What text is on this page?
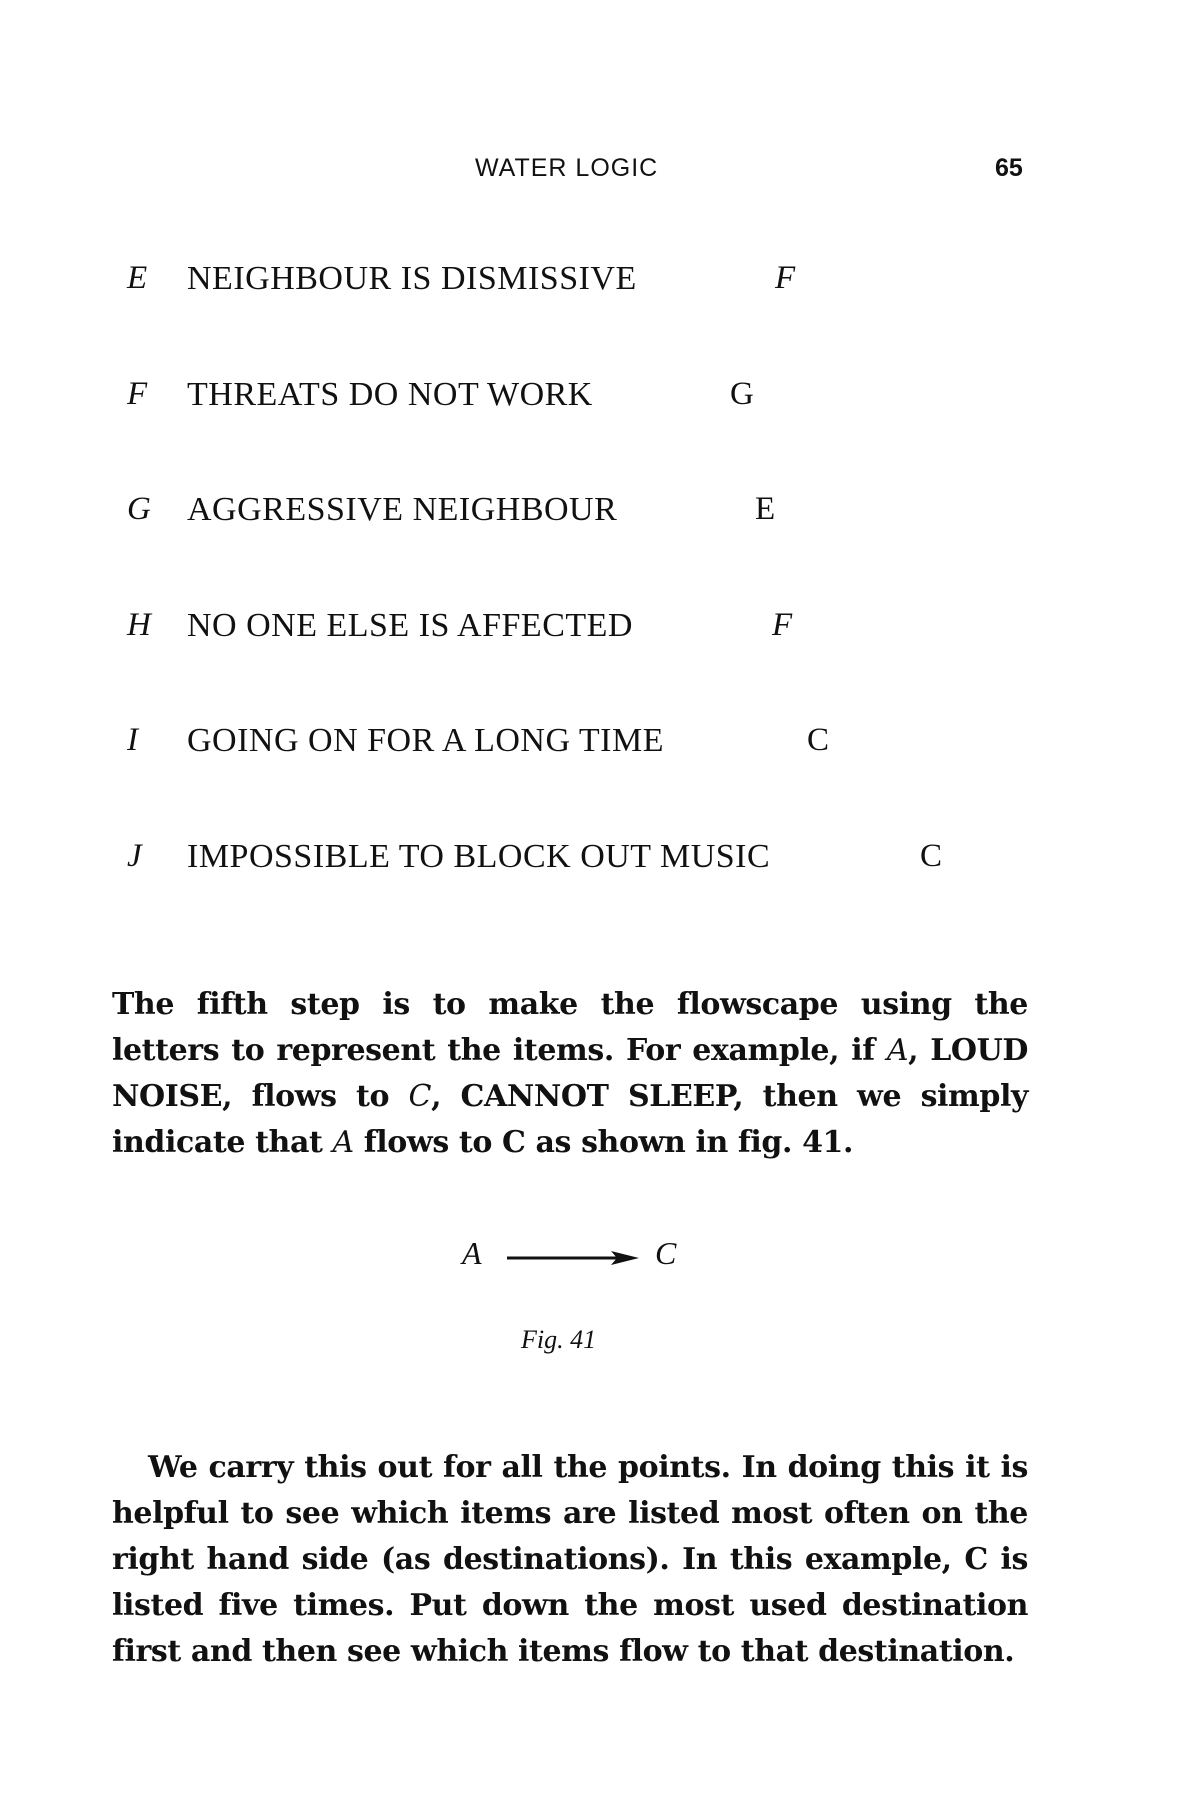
WATER LOGIC	65
E NEIGHBOUR IS DISMISSIVE	F
F THREATS DO NOT WORK	G
G AGGRESSIVE NEIGHBOUR	E
H NO ONE ELSE IS AFFECTED	F
I GOING ON FOR A LONG TIME	C
J IMPOSSIBLE TO BLOCK OUT MUSIC	C

The fifth step is to make the flowscape using the letters to represent the items. For example, if A, LOUD NOISE, flows to C, CANNOT SLEEP, then we simply indicate that A flows to C as shown in fig. 41.

A	C
Fig. 41

We carry this out for all the points. In doing this it is helpful to see which items are listed most often on the right hand side (as destinations). In this example, C is listed five times. Put down the most used destination first and then see which items flow to that destination.
